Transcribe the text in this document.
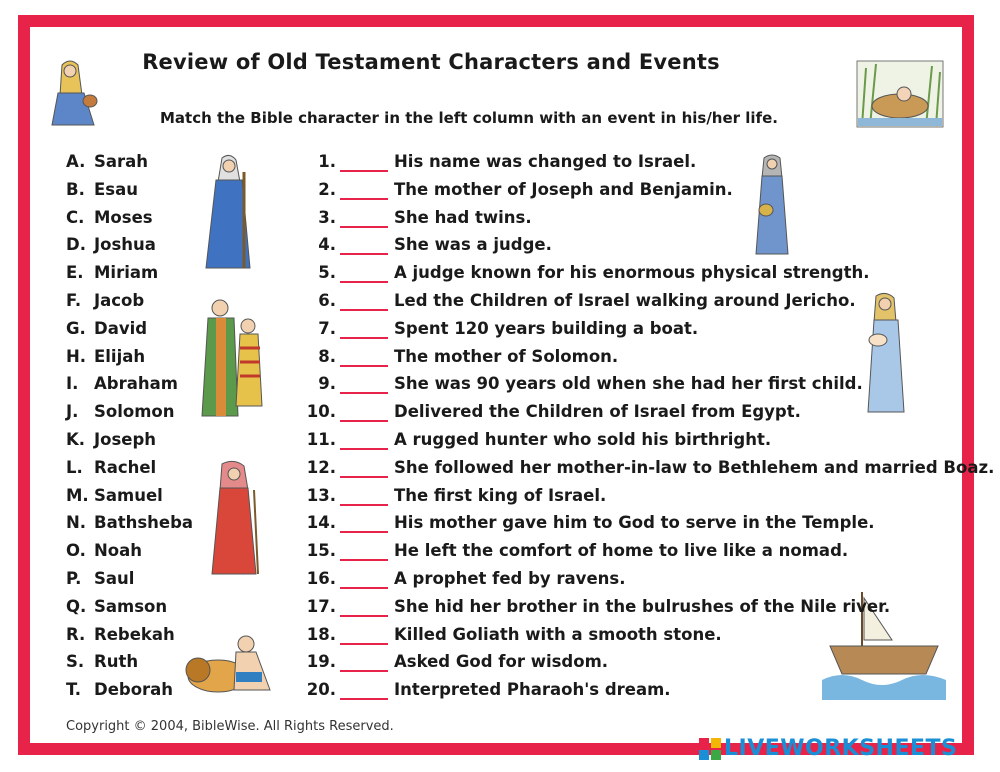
Review of Old Testament Characters and Events
Match the Bible character in the left column with an event in his/her life.
A. Sarah
B. Esau
C. Moses
D. Joshua
E. Miriam
F. Jacob
G. David
H. Elijah
I. Abraham
J. Solomon
K. Joseph
L. Rachel
M. Samuel
N. Bathsheba
O. Noah
P. Saul
Q. Samson
R. Rebekah
S. Ruth
T. Deborah
1.	His name was changed to Israel.
2.	The mother of Joseph and Benjamin.
3.	She had twins.
4.	She was a judge.
5.	A judge known for his enormous physical strength.
6.	Led the Children of Israel walking around Jericho.
7.	Spent 120 years building a boat.
8.	The mother of Solomon.
9.	She was 90 years old when she had her first child.
10.	Delivered the Children of Israel from Egypt.
11.	A rugged hunter who sold his birthright.
12.	She followed her mother-in-law to Bethlehem and married Boaz.
13.	The first king of Israel.
14.	His mother gave him to God to serve in the Temple.
15.	He left the comfort of home to live like a nomad.
16.	A prophet fed by ravens.
17.	She hid her brother in the bulrushes of the Nile river.
18.	Killed Goliath with a smooth stone.
19.	Asked God for wisdom.
20.	Interpreted Pharaoh's dream.
Copyright © 2004, BibleWise. All Rights Reserved.
LIVEWORKSHEETS
